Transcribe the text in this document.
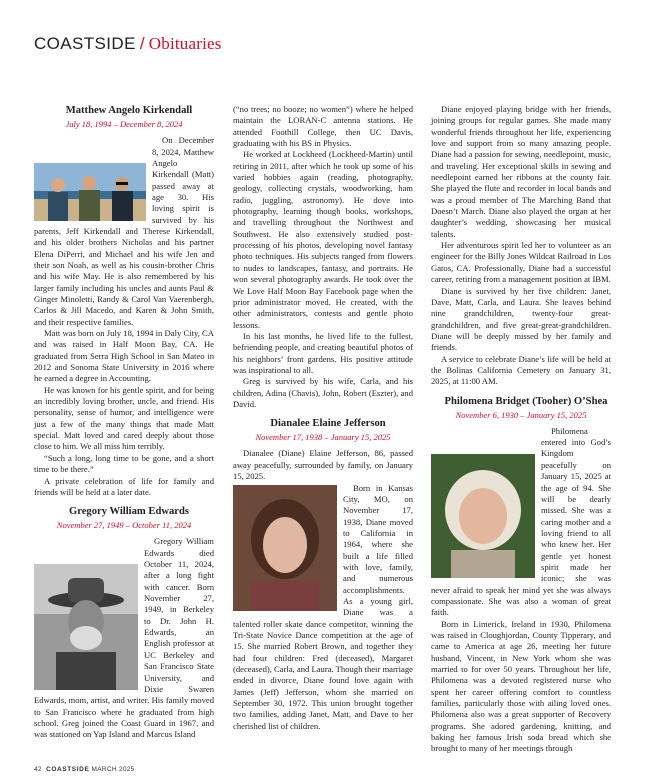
COASTSIDE / Obituaries

Matthew Angelo Kirkendall

July 18, 1994 – December 8, 2024

On December 8, 2024, Matthew Angelo Kirkendall (Matt) passed away at age 30. His loving spirit is survived by his parents, Jeff Kirkendall and Therese Kirkendall, and his older brothers Nicholas and his partner Elena DiPerri, and Michael and his wife Jen and their son Noah, as well as his cousin-brother Chris and his wife May. He is also remembered by his larger family including his uncles and aunts Paul & Ginger Minoletti, Randy & Carol Van Vaerenbergh, Carlos & Jill Macedo, and Karen & John Smith, and their respective families.

Matt was born on July 18, 1994 in Daly City, CA and was raised in Half Moon Bay, CA. He graduated from Serra High School in San Mateo in 2012 and Sonoma State University in 2016 where he earned a degree in Accounting.

He was known for his gentle spirit, and for being an incredibly loving brother, uncle, and friend. His personality, sense of humor, and intelligence were just a few of the many things that made Matt special. Matt loved and cared deeply about those close to him. We all miss him terribly.

“Such a long, long time to be gone, and a short time to be there.”

A private celebration of life for family and friends will be held at a later date.

Gregory William Edwards

November 27, 1949 – October 11, 2024

Gregory William Edwards died October 11, 2024, after a long fight with cancer. Born November 27, 1949, in Berkeley to Dr. John H. Edwards, an English professor at UC Berkeley and San Francisco State University, and Dixie Swaren Edwards, mom, artist, and writer. His family moved to San Francisco where he graduated from high school. Greg joined the Coast Guard in 1967, and was stationed on Yap Island and Marcus Island

(“no trees; no booze; no women”) where he helped maintain the LORAN-C antenna stations. He attended Foothill College, then UC Davis, graduating with his BS in Physics.

He worked at Lockheed (Lockheed-Martin) until retiring in 2011, after which he took up some of his varied hobbies again (reading, photography, geology, collecting crystals, woodworking, ham radio, juggling, astronomy). He dove into photography, learning though books, workshops, and travelling throughout the Northwest and Southwest. He also extensively studied post-processing of his photos, developing novel fantasy photo techniques. His subjects ranged from flowers to nudes to landscapes, fantasy, and portraits. He won several photography awards. He took over the We Love Half Moon Bay Facebook page when the prior administrator moved. He created, with the other administrators, contests and gentle photo lessons.

In his last months, he lived life to the fullest, befriending people, and creating beautiful photos of his neighbors’ front gardens. His positive attitude was inspirational to all.

Greg is survived by his wife, Carla, and his children, Adina (Chavis), John, Robert (Eszter), and David.

Dianalee Elaine Jefferson

November 17, 1938 – January 15, 2025

Dianalee (Diane) Elaine Jefferson, 86, passed away peacefully, surrounded by family, on January 15, 2025.

Born in Kansas City, MO, on November 17, 1938, Diane moved to California in 1964, where she built a life filled with love, family, and numerous accomplishments. As a young girl, Diane was a talented roller skate dance competitor, winning the Tri-State Novice Dance competition at the age of 15. She married Robert Brown, and together they had four children: Fred (deceased), Margaret (deceased), Carla, and Laura. Though their marriage ended in divorce, Diane found love again with James (Jeff) Jefferson, whom she married on September 30, 1972. This union brought together two families, adding Janet, Matt, and Dave to her cherished list of children.

Diane enjoyed playing bridge with her friends, joining groups for regular games. She made many wonderful friends throughout her life, experiencing love and support from so many amazing people. Diane had a passion for sewing, needlepoint, music, and traveling. Her exceptional skills in sewing and needlepoint earned her ribbons at the county fair. She played the flute and recorder in local bands and was a proud member of The Marching Band that Doesn’t March. Diane also played the organ at her daughter’s wedding, showcasing her musical talents.

Her adventurous spirit led her to volunteer as an engineer for the Billy Jones Wildcat Railroad in Los Gatos, CA. Professionally, Diane had a successful career, retiring from a management position at IBM.

Diane is survived by her five children: Janet, Dave, Matt, Carla, and Laura. She leaves behind nine grandchildren, twenty-four great-grandchildren, and five great-great-grandchildren. Diane will be deeply missed by her family and friends.

A service to celebrate Diane’s life will be held at the Bolinas California Cemetery on January 31, 2025, at 11:00 AM.

Philomena Bridget (Tooher) O’Shea

November 6, 1930 – January 15, 2025

Philomena entered into God’s Kingdom peacefully on January 15, 2025 at the age of 94. She will be dearly missed. She was a caring mother and a loving friend to all who knew her. Her gentle yet honest spirit made her iconic; she was never afraid to speak her mind yet she was always compassionate. She was also a woman of great faith.

Born in Limerick, Ireland in 1930, Philomena was raised in Cloughjordan, County Tipperary, and came to America at age 26, meeting her future husband, Vincent, in New York whom she was married to for over 50 years. Throughout her life, Philomena was a devoted registered nurse who spent her career offering comfort to countless families, particularly those with ailing loved ones. Philomena also was a great supporter of Recovery programs. She adored gardening, knitting, and baking her famous Irish soda bread which she brought to many of her meetings through

42 COASTSIDE MARCH 2025
